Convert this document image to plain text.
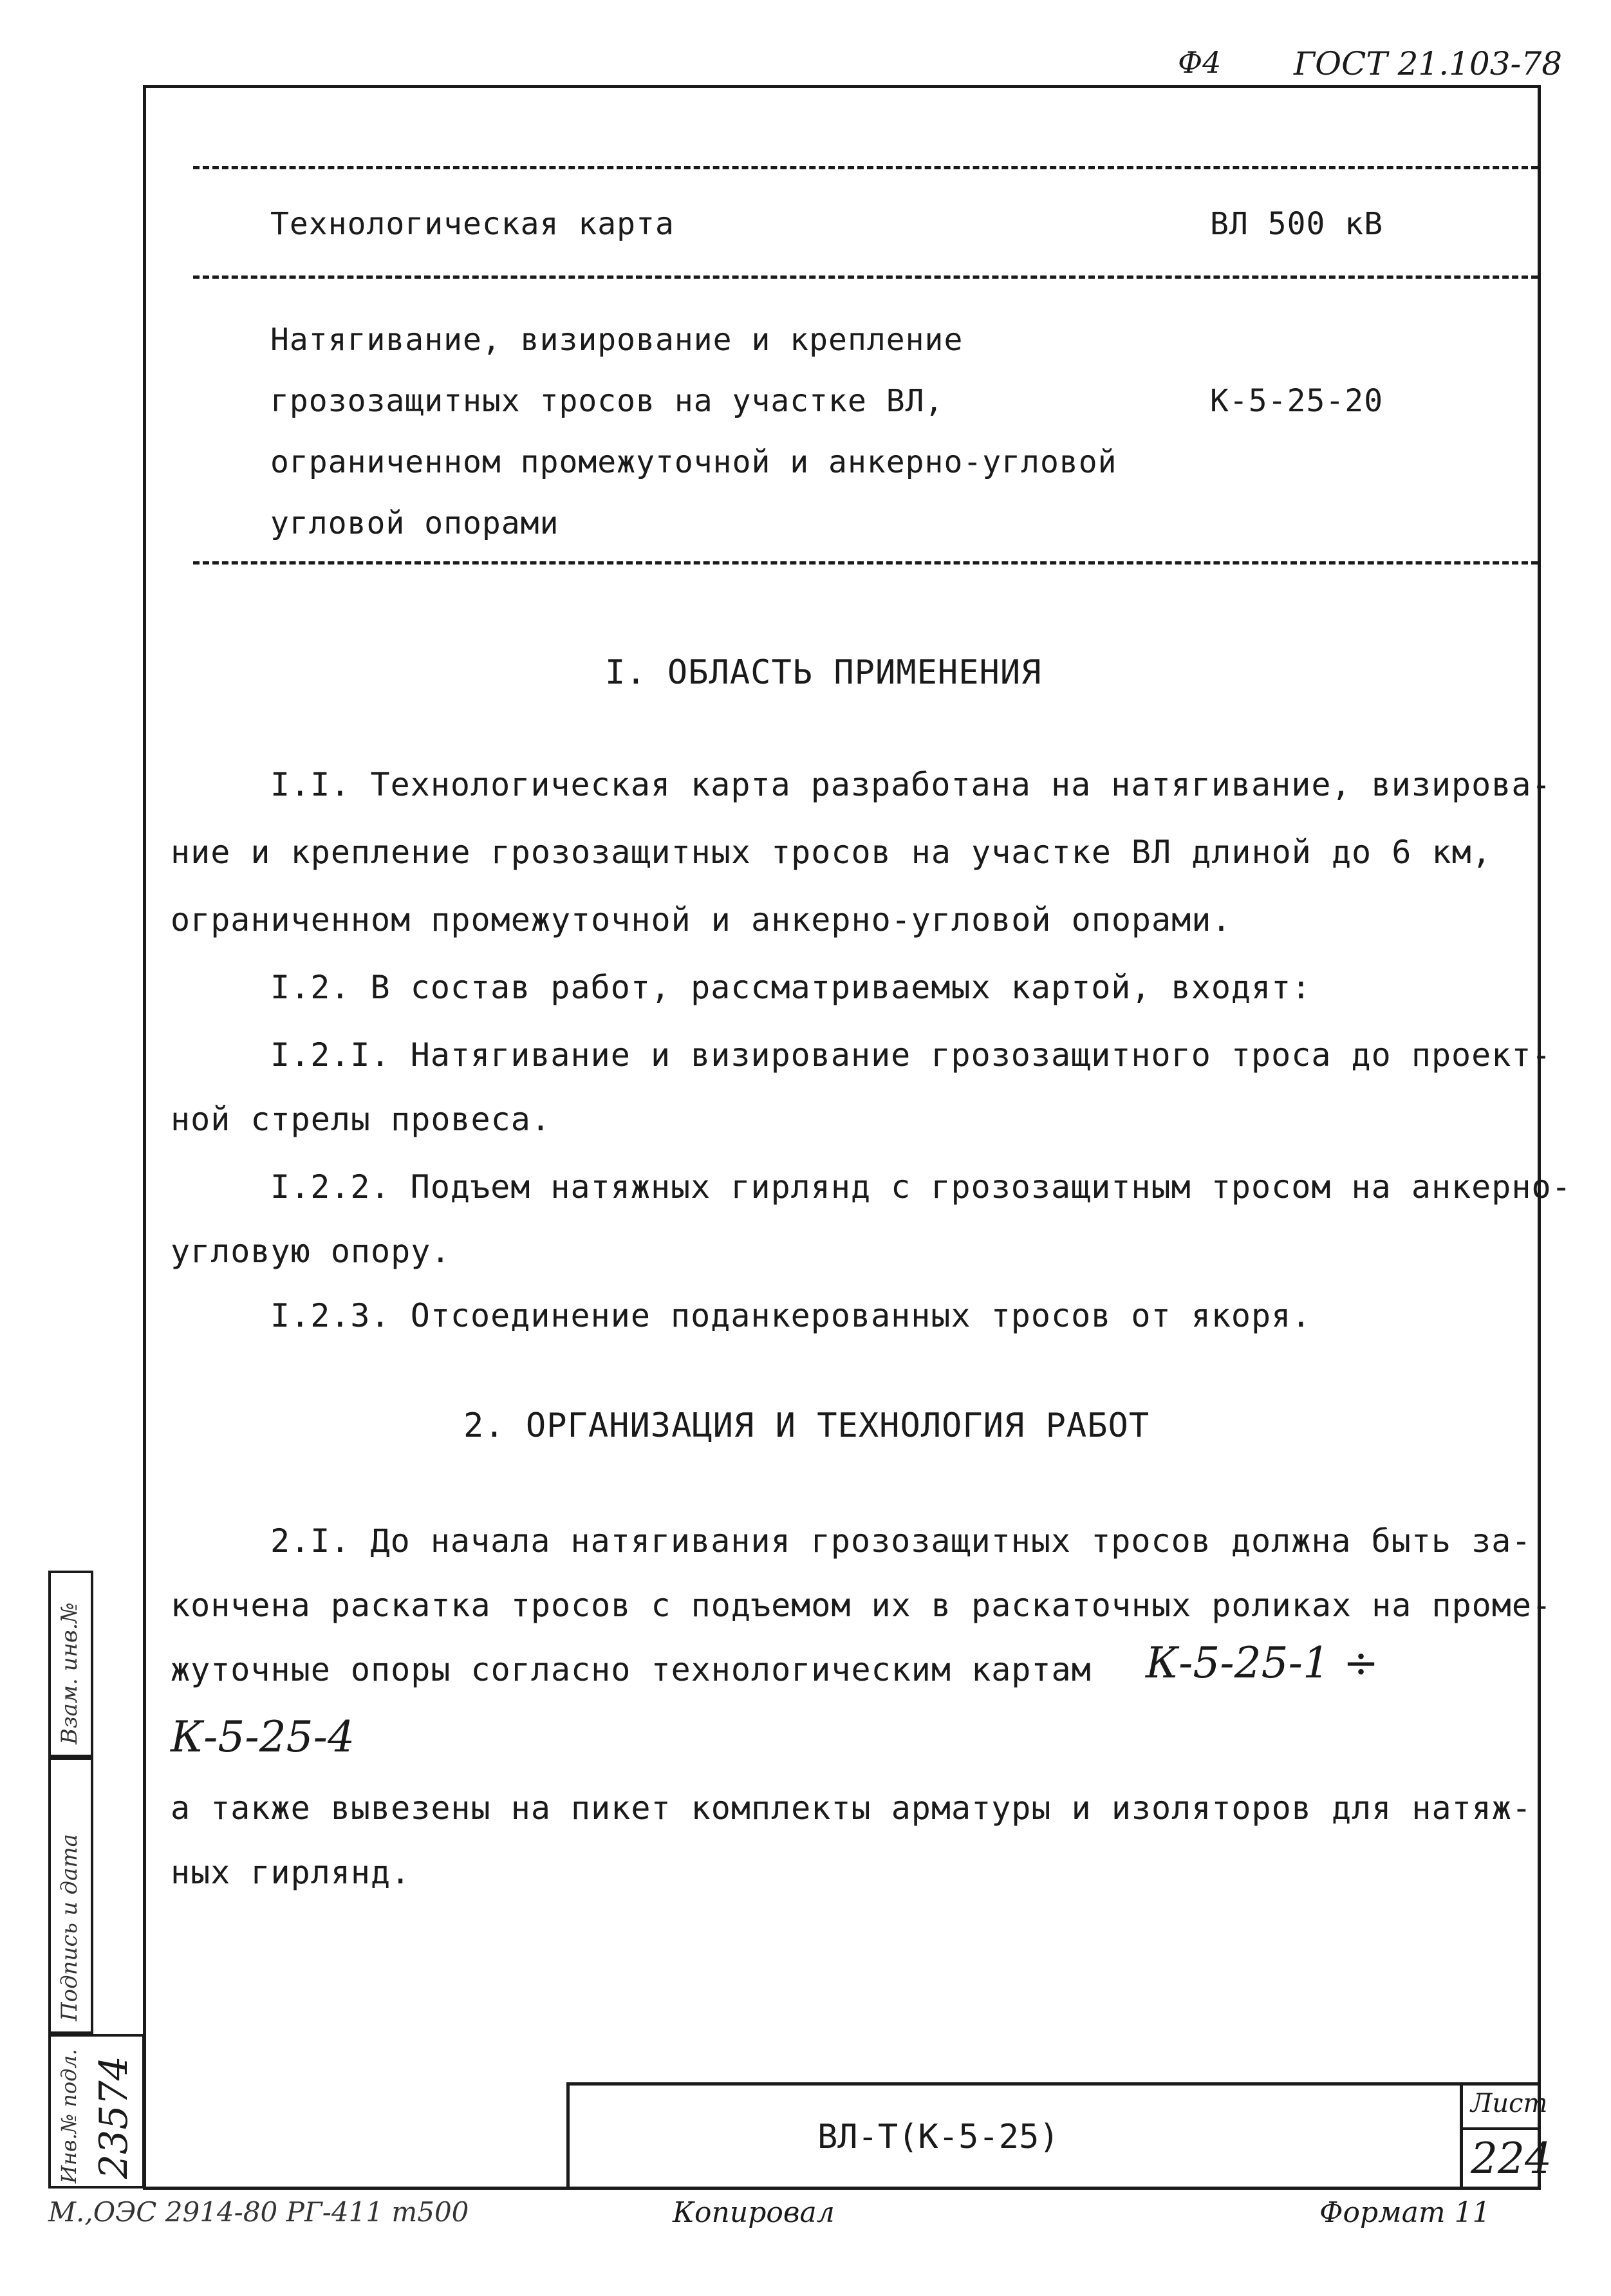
Ф4 ГОСТ 21.103-78
Технологическая карта	ВЛ 500 кВ
Натягивание, визирование и крепление
грозозащитных тросов на участке ВЛ,
ограниченном промежуточной и анкерно-угловой
угловой опорами
К-5-25-20
I. ОБЛАСТЬ ПРИМЕНЕНИЯ
I.I. Технологическая карта разработана на натягивание, визирова-
ние и крепление грозозащитных тросов на участке ВЛ длиной до 6 км,
ограниченном промежуточной и анкерно-угловой опорами.
I.2. В состав работ, рассматриваемых картой, входят:
I.2.I. Натягивание и визирование грозозащитного троса до проект-
ной стрелы провеса.
I.2.2. Подъем натяжных гирлянд с грозозащитным тросом на анкерно-
угловую опору.
I.2.3. Отсоединение поданкерованных тросов от якоря.
2. ОРГАНИЗАЦИЯ И ТЕХНОЛОГИЯ РАБОТ
2.I. До начала натягивания грозозащитных тросов должна быть за-
кончена раскатка тросов с подъемом их в раскаточных роликах на проме-
жуточные опоры согласно технологическим картам К-5-25-1 ÷
К-5-25-4
а также вывезены на пикет комплекты арматуры и изоляторов для натяж-
ных гирлянд.
Взам. инв.№
Подпись и дата
Инв.№ подл. 23574	ВЛ-Т(К-5-25)
Лист
224
М.,ОЭС 2914-80 РГ-411 т500	Копировал	Формат 11
